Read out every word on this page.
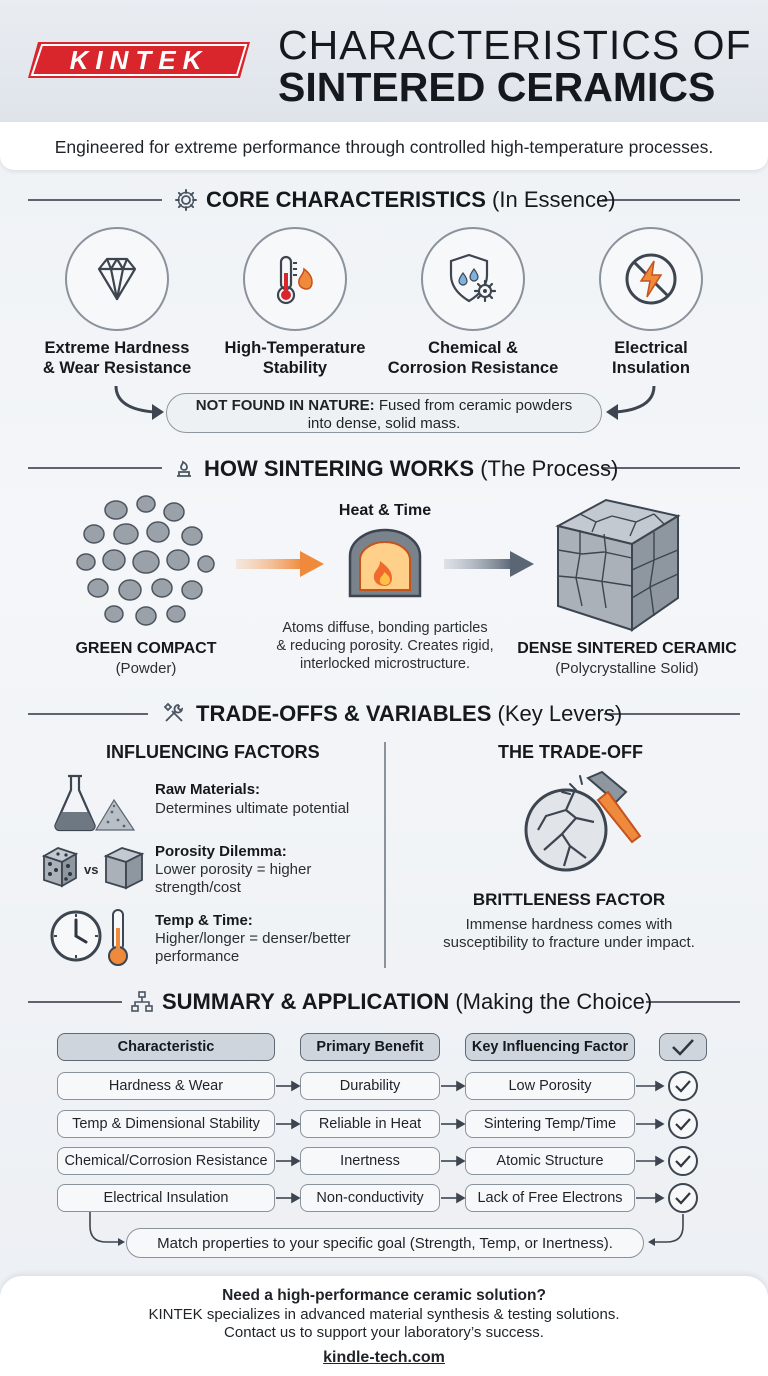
KINTEK CHARACTERISTICS OF
SINTERED CERAMICS
Engineered for extreme performance through controlled high-temperature processes.
CORE CHARACTERISTICS (In Essence)
Extreme Hardness
& Wear Resistance
High-Temperature
Stability
Chemical &
Corrosion Resistance
Electrical
Insulation
NOT FOUND IN NATURE: Fused from ceramic powders
into dense, solid mass.
HOW SINTERING WORKS (The Process)
Heat & Time
Atoms diffuse, bonding particles
& reducing porosity. Creates rigid,
interlocked microstructure.
GREEN COMPACT
(Powder)
DENSE SINTERED CERAMIC
(Polycrystalline Solid)
TRADE-OFFS & VARIABLES (Key Levers)
INFLUENCING FACTORS	THE TRADE-OFF
Raw Materials:
Determines ultimate potential
vs
Porosity Dilemma:
Lower porosity = higher
strength/cost
Temp & Time:
Higher/longer = denser/better
performance
BRITTLENESS FACTOR
Immense hardness comes with
susceptibility to fracture under impact.
SUMMARY & APPLICATION (Making the Choice)
Characteristic	Primary Benefit	Key Influencing Factor
Hardness & Wear	Durability	Low Porosity
Temp & Dimensional Stability	Reliable in Heat	Sintering Temp/Time
Chemical/Corrosion Resistance	Inertness	Atomic Structure
Electrical Insulation	Non-conductivity	Lack of Free Electrons
Match properties to your specific goal (Strength, Temp, or Inertness).
Need a high-performance ceramic solution?
KINTEK specializes in advanced material synthesis & testing solutions.
Contact us to support your laboratory’s success.
kindle-tech.com
